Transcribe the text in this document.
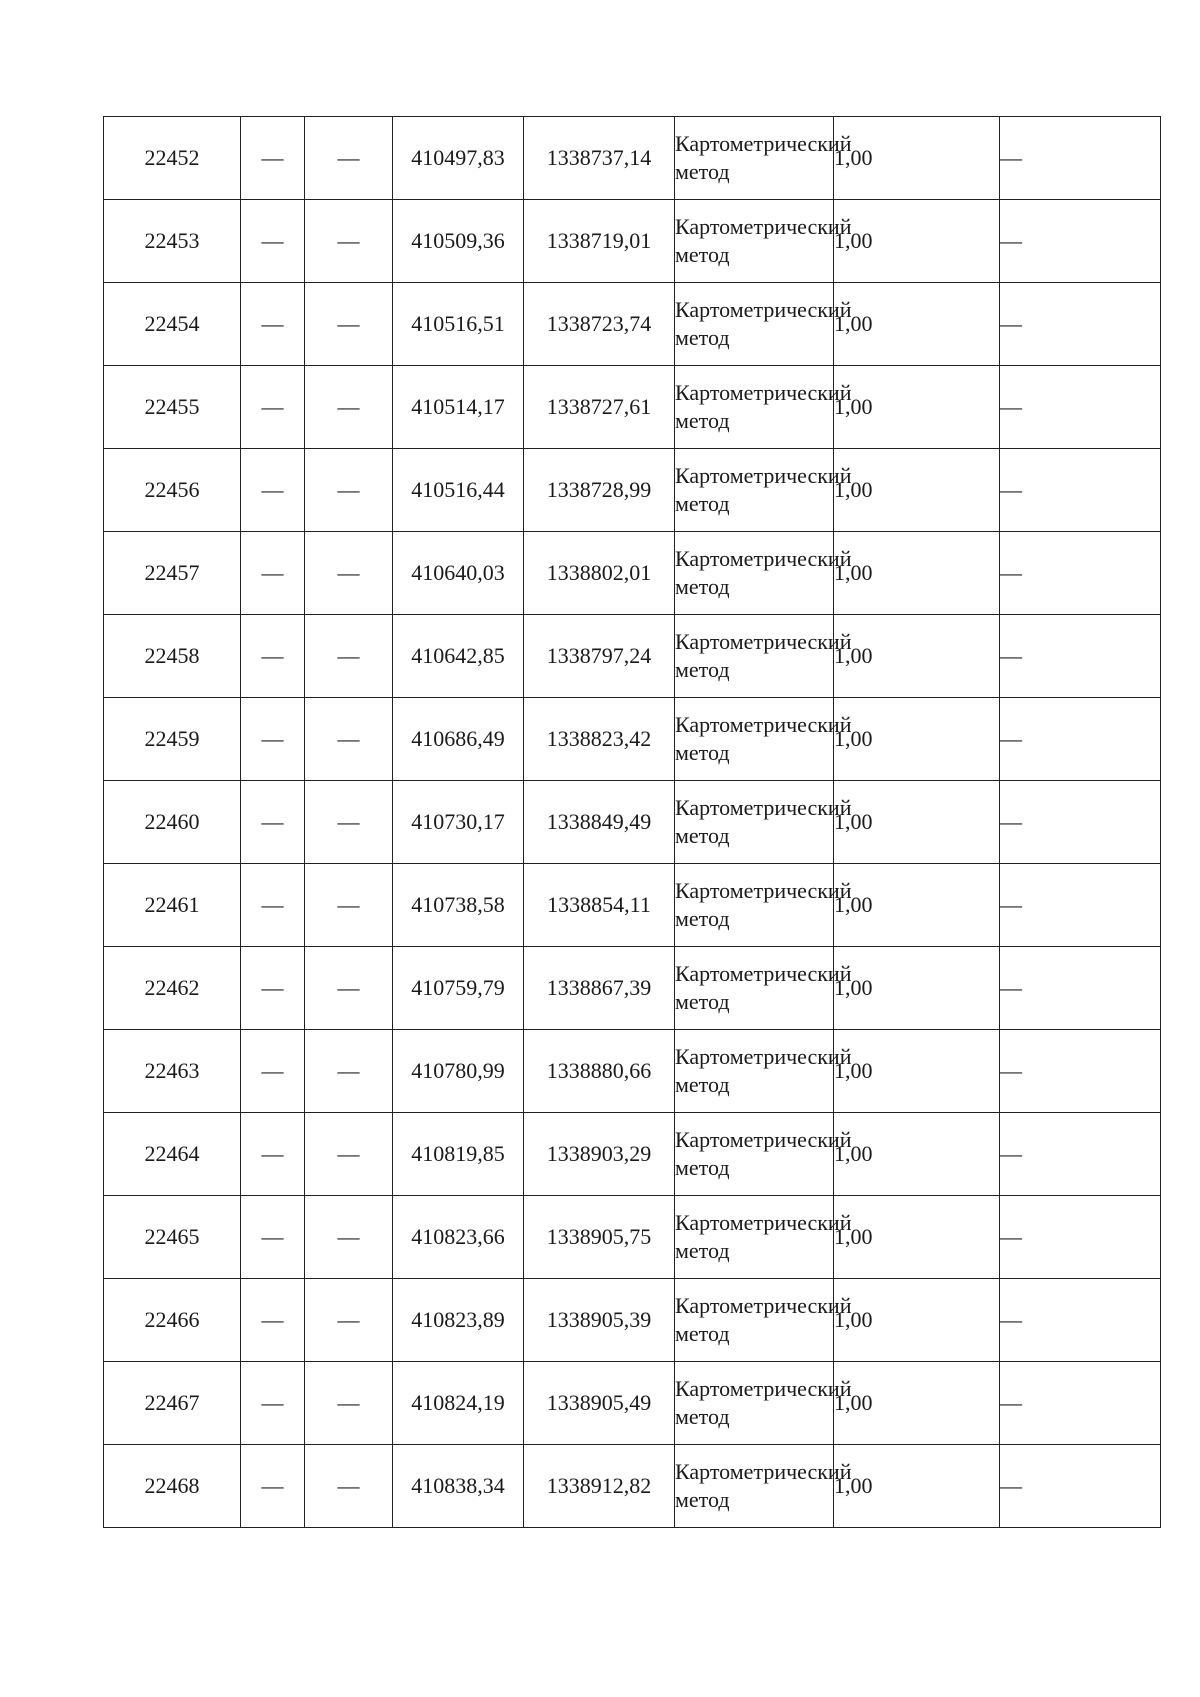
22452	—	—	410497,83	1338737,14	Картометрический метод	1,00	—
22453	—	—	410509,36	1338719,01	Картометрический метод	1,00	—
22454	—	—	410516,51	1338723,74	Картометрический метод	1,00	—
22455	—	—	410514,17	1338727,61	Картометрический метод	1,00	—
22456	—	—	410516,44	1338728,99	Картометрический метод	1,00	—
22457	—	—	410640,03	1338802,01	Картометрический метод	1,00	—
22458	—	—	410642,85	1338797,24	Картометрический метод	1,00	—
22459	—	—	410686,49	1338823,42	Картометрический метод	1,00	—
22460	—	—	410730,17	1338849,49	Картометрический метод	1,00	—
22461	—	—	410738,58	1338854,11	Картометрический метод	1,00	—
22462	—	—	410759,79	1338867,39	Картометрический метод	1,00	—
22463	—	—	410780,99	1338880,66	Картометрический метод	1,00	—
22464	—	—	410819,85	1338903,29	Картометрический метод	1,00	—
22465	—	—	410823,66	1338905,75	Картометрический метод	1,00	—
22466	—	—	410823,89	1338905,39	Картометрический метод	1,00	—
22467	—	—	410824,19	1338905,49	Картометрический метод	1,00	—
22468	—	—	410838,34	1338912,82	Картометрический метод	1,00	—
